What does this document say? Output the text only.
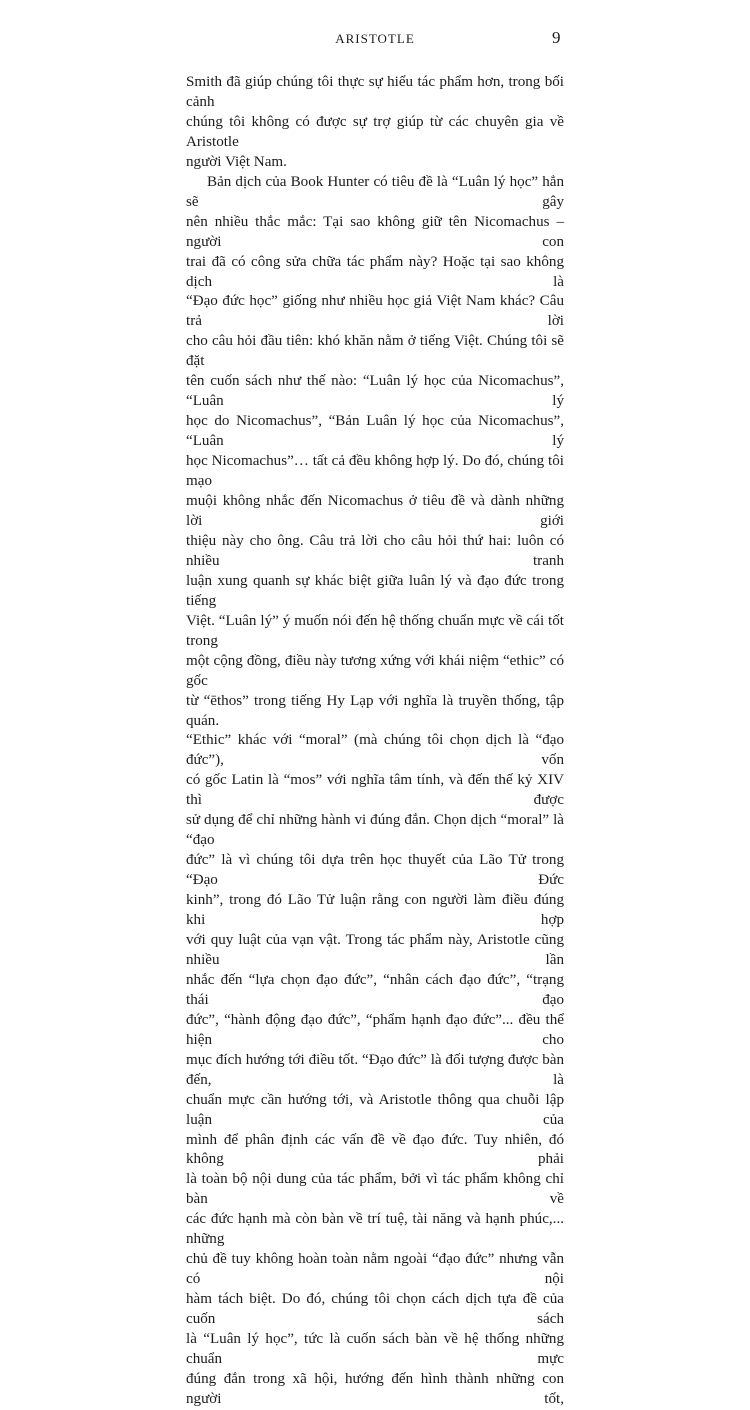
ARISTOTLE	9
Smith đã giúp chúng tôi thực sự hiểu tác phẩm hơn, trong bối cảnh
chúng tôi không có được sự trợ giúp từ các chuyên gia về Aristotle
người Việt Nam.
Bản dịch của Book Hunter có tiêu đề là “Luân lý học” hẳn sẽ gây
nên nhiều thắc mắc: Tại sao không giữ tên Nicomachus – người con
trai đã có công sửa chữa tác phẩm này? Hoặc tại sao không dịch là
“Đạo đức học” giống như nhiều học giả Việt Nam khác? Câu trả lời
cho câu hỏi đầu tiên: khó khăn nằm ở tiếng Việt. Chúng tôi sẽ đặt
tên cuốn sách như thế nào: “Luân lý học của Nicomachus”, “Luân lý
học do Nicomachus”, “Bản Luân lý học của Nicomachus”, “Luân lý
học Nicomachus”… tất cả đều không hợp lý. Do đó, chúng tôi mạo
muội không nhắc đến Nicomachus ở tiêu đề và dành những lời giới
thiệu này cho ông. Câu trả lời cho câu hỏi thứ hai: luôn có nhiều tranh
luận xung quanh sự khác biệt giữa luân lý và đạo đức trong tiếng
Việt. “Luân lý” ý muốn nói đến hệ thống chuẩn mực về cái tốt trong
một cộng đồng, điều này tương xứng với khái niệm “ethic” có gốc
từ “ēthos” trong tiếng Hy Lạp với nghĩa là truyền thống, tập quán.
“Ethic” khác với “moral” (mà chúng tôi chọn dịch là “đạo đức”), vốn
có gốc Latin là “mos” với nghĩa tâm tính, và đến thế kỷ XIV thì được
sử dụng để chỉ những hành vi đúng đắn. Chọn dịch “moral” là “đạo
đức” là vì chúng tôi dựa trên học thuyết của Lão Tử trong “Đạo Đức
kinh”, trong đó Lão Tử luận rằng con người làm điều đúng khi hợp
với quy luật của vạn vật. Trong tác phẩm này, Aristotle cũng nhiều lần
nhắc đến “lựa chọn đạo đức”, “nhân cách đạo đức”, “trạng thái đạo
đức”, “hành động đạo đức”, “phẩm hạnh đạo đức”... đều thể hiện cho
mục đích hướng tới điều tốt. “Đạo đức” là đối tượng được bàn đến, là
chuẩn mực cần hướng tới, và Aristotle thông qua chuỗi lập luận của
mình để phân định các vấn đề về đạo đức. Tuy nhiên, đó không phải
là toàn bộ nội dung của tác phẩm, bởi vì tác phẩm không chỉ bàn về
các đức hạnh mà còn bàn về trí tuệ, tài năng và hạnh phúc,... những
chủ đề tuy không hoàn toàn nằm ngoài “đạo đức” nhưng vẫn có nội
hàm tách biệt. Do đó, chúng tôi chọn cách dịch tựa đề của cuốn sách
là “Luân lý học”, tức là cuốn sách bàn về hệ thống những chuẩn mực
đúng đắn trong xã hội, hướng đến hình thành những con người tốt,
